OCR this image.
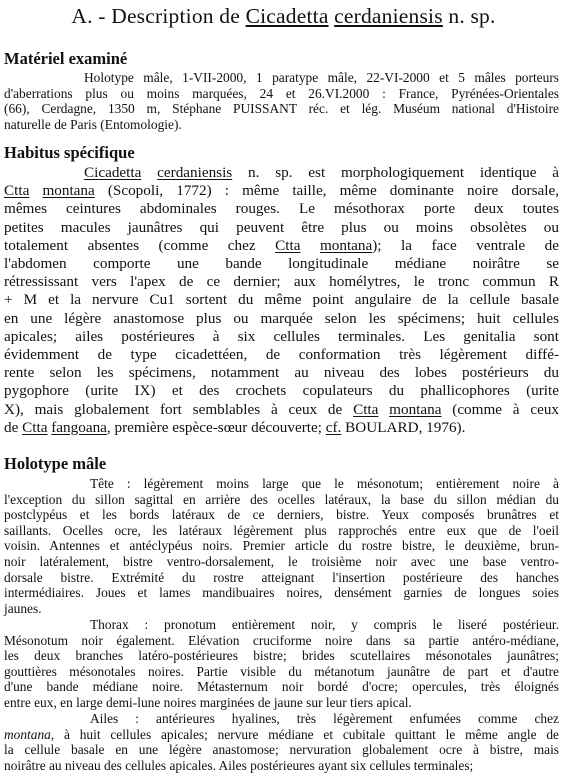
A. - Description de Cicadetta cerdaniensis n. sp.
Matériel examiné
Holotype mâle, 1-VII-2000, 1 paratype mâle, 22-VI-2000 et 5 mâles porteurs
d'aberrations plus ou moins marquées, 24 et 26.VI.2000 : France, Pyrénées-Orientales
(66), Cerdagne, 1350 m, Stéphane PUISSANT réc. et lég. Muséum national d'Histoire
naturelle de Paris (Entomologie).
Habitus spécifique
Cicadetta cerdaniensis n. sp. est morphologiquement identique à
Ctta montana (Scopoli, 1772) : même taille, même dominante noire dorsale,
mêmes ceintures abdominales rouges. Le mésothorax porte deux toutes
petites macules jaunâtres qui peuvent être plus ou moins obsolètes ou
totalement absentes (comme chez Ctta montana); la face ventrale de
l'abdomen comporte une bande longitudinale médiane noirâtre se
rétressissant vers l'apex de ce dernier; aux homélytres, le tronc commun R
+ M et la nervure Cu1 sortent du même point angulaire de la cellule basale
en une légère anastomose plus ou marquée selon les spécimens; huit cellules
apicales; ailes postérieures à six cellules terminales. Les genitalia sont
évidemment de type cicadettéen, de conformation très légèrement diffé-
rente selon les spécimens, notamment au niveau des lobes postérieurs du
pygophore (urite IX) et des crochets copulateurs du phallicophores (urite
X), mais globalement fort semblables à ceux de Ctta montana (comme à ceux
de Ctta fangoana, première espèce-sœur découverte; cf. BOULARD, 1976).
Holotype mâle
Tête : légèrement moins large que le mésonotum; entièrement noire à
l'exception du sillon sagittal en arrière des ocelles latéraux, la base du sillon médian du
postclypéus et les bords latéraux de ce derniers, bistre. Yeux composés brunâtres et
saillants. Ocelles ocre, les latéraux légèrement plus rapprochés entre eux que de l'oeil
voisin. Antennes et antéclypéus noirs. Premier article du rostre bistre, le deuxième, brun-
noir latéralement, bistre ventro-dorsalement, le troisième noir avec une base ventro-
dorsale bistre. Extrémité du rostre atteignant l'insertion postérieure des hanches
intermédiaires. Joues et lames mandibuaires noires, densément garnies de longues soies
jaunes.
Thorax : pronotum entièrement noir, y compris le liseré postérieur.
Mésonotum noir également. Elévation cruciforme noire dans sa partie antéro-médiane,
les deux branches latéro-postérieures bistre; brides scutellaires mésonotales jaunâtres;
gouttières mésonotales noires. Partie visible du métanotum jaunâtre de part et d'autre
d'une bande médiane noire. Métasternum noir bordé d'ocre; opercules, très éloignés
entre eux, en large demi-lune noires marginées de jaune sur leur tiers apical.
Ailes : antérieures hyalines, très légèrement enfumées comme chez
montana, à huit cellules apicales; nervure médiane et cubitale quittant le même angle de
la cellule basale en une légère anastomose; nervuration globalement ocre à bistre, mais
noirâtre au niveau des cellules apicales. Ailes postérieures ayant six cellules terminales;
